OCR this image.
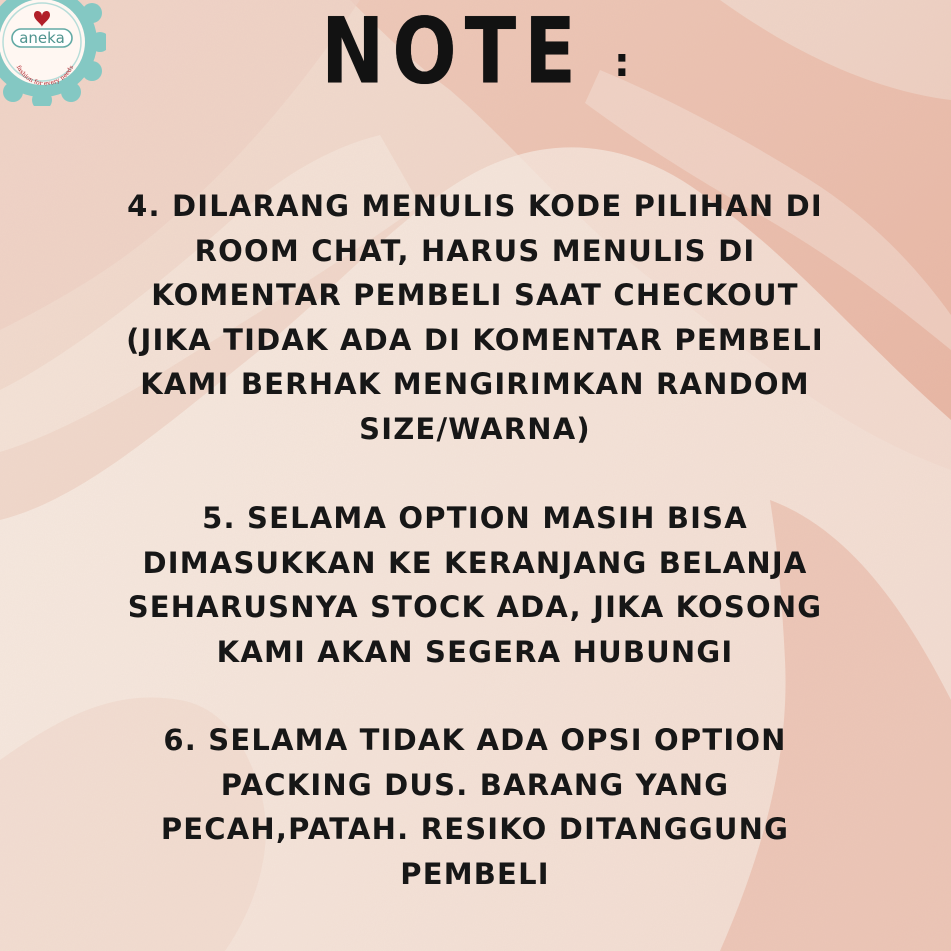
aneka
fashion for every needs	NOTE :
4. DILARANG MENULIS KODE PILIHAN DI
ROOM CHAT, HARUS MENULIS DI
KOMENTAR PEMBELI SAAT CHECKOUT
(JIKA TIDAK ADA DI KOMENTAR PEMBELI
KAMI BERHAK MENGIRIMKAN RANDOM
SIZE/WARNA)
5. SELAMA OPTION MASIH BISA
DIMASUKKAN KE KERANJANG BELANJA
SEHARUSNYA STOCK ADA, JIKA KOSONG
KAMI AKAN SEGERA HUBUNGI
6. SELAMA TIDAK ADA OPSI OPTION
PACKING DUS. BARANG YANG
PECAH,PATAH. RESIKO DITANGGUNG
PEMBELI
